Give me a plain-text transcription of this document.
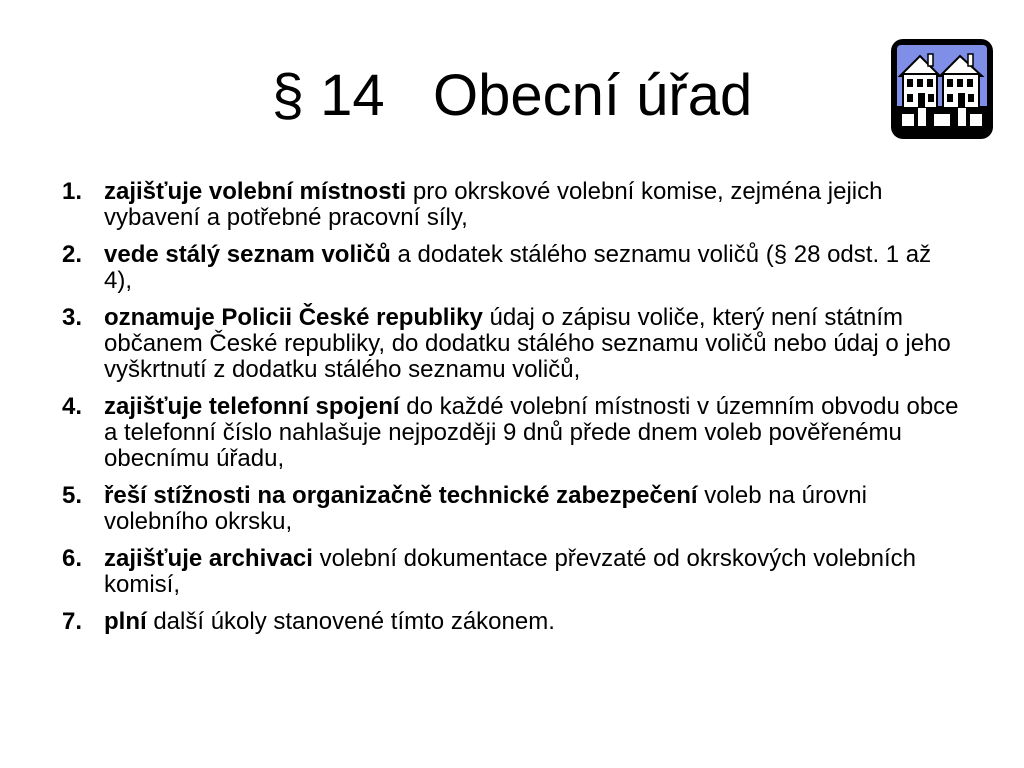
§ 14   Obecní úřad
1. zajišťuje volební místnosti pro okrskové volební komise, zejména jejich vybavení a potřebné pracovní síly,
2. vede stálý seznam voličů a dodatek stálého seznamu voličů (§ 28 odst. 1 až 4),
3. oznamuje Policii České republiky údaj o zápisu voliče, který není státním občanem České republiky, do dodatku stálého seznamu voličů nebo údaj o jeho vyškrtnutí z dodatku stálého seznamu voličů,
4. zajišťuje telefonní spojení do každé volební místnosti v územním obvodu obce a telefonní číslo nahlašuje nejpozději 9 dnů přede dnem voleb pověřenému obecnímu úřadu,
5. řeší stížnosti na organizačně technické zabezpečení voleb na úrovni volebního okrsku,
6. zajišťuje archivaci volební dokumentace převzaté od okrskových volebních komisí,
7. plní další úkoly stanovené tímto zákonem.
